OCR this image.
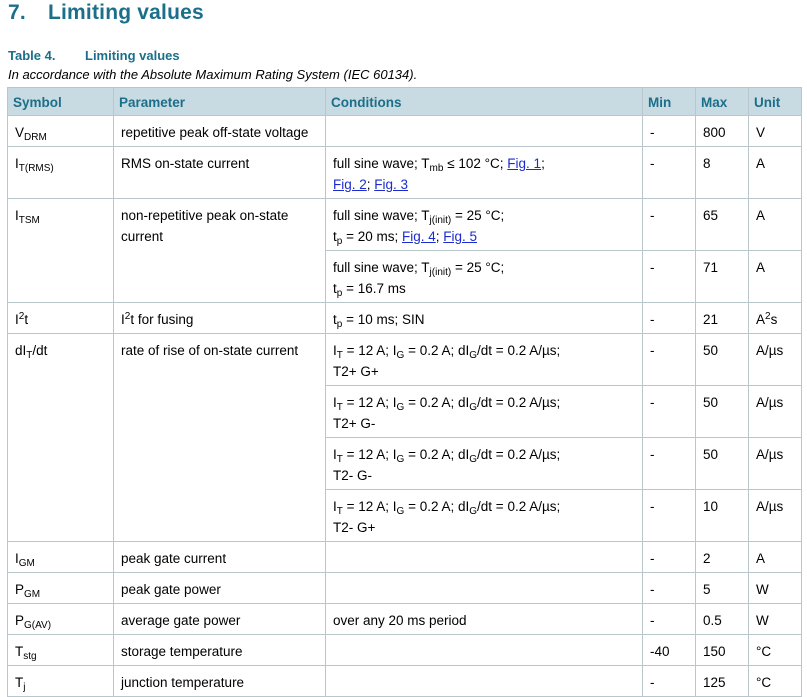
7. Limiting values
Table 4. Limiting values
In accordance with the Absolute Maximum Rating System (IEC 60134).
Symbol	Parameter	Conditions	Min	Max	Unit
$V_{DRM}$	repetitive peak off-state voltage		-	800	V
$I_{T(RMS)}$	RMS on-state current	full sine wave; $T_{mb} \le 102$ °C; Fig. 1;
Fig. 2; Fig. 3	-	8	A
$I_{TSM}$	non-repetitive peak on-state current	full sine wave; $T_{j(init)} = 25$ °C;
$t_p = 20$ ms; Fig. 4; Fig. 5	-	65	A
		full sine wave; $T_{j(init)} = 25$ °C;
$t_p = 16.7$ ms	-	71	A
$I^2t$	$I^2t$ for fusing	$t_p = 10$ ms; SIN	-	21	$A^2s$
$dI_T/dt$	rate of rise of on-state current	$I_T = 12$ A; $I_G = 0.2$ A; $dI_G/dt = 0.2$ A/µs;
T2+ G+	-	50	A/µs
		$I_T = 12$ A; $I_G = 0.2$ A; $dI_G/dt = 0.2$ A/µs;
T2+ G-	-	50	A/µs
		$I_T = 12$ A; $I_G = 0.2$ A; $dI_G/dt = 0.2$ A/µs;
T2- G-	-	50	A/µs
		$I_T = 12$ A; $I_G = 0.2$ A; $dI_G/dt = 0.2$ A/µs;
T2- G+	-	10	A/µs
$I_{GM}$	peak gate current		-	2	A
$P_{GM}$	peak gate power		-	5	W
$P_{G(AV)}$	average gate power	over any 20 ms period	-	0.5	W
$T_{stg}$	storage temperature		-40	150	°C
$T_j$	junction temperature		-	125	°C
